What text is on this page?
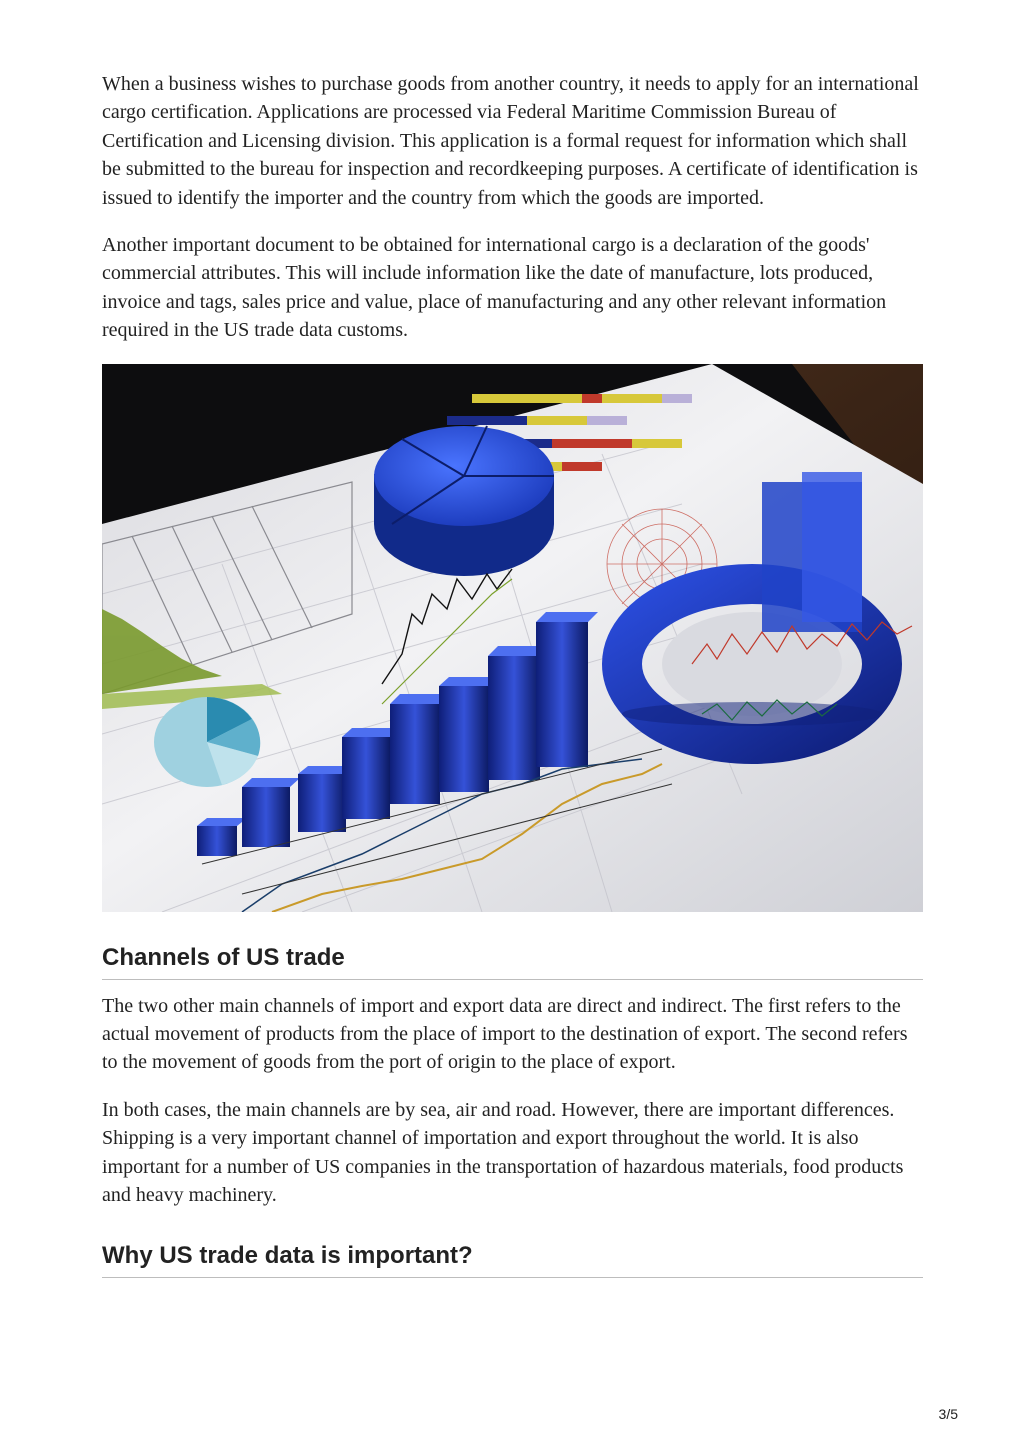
When a business wishes to purchase goods from another country, it needs to apply for an international cargo certification. Applications are processed via Federal Maritime Commission Bureau of Certification and Licensing division. This application is a formal request for information which shall be submitted to the bureau for inspection and recordkeeping purposes. A certificate of identification is issued to identify the importer and the country from which the goods are imported.

Another important document to be obtained for international cargo is a declaration of the goods' commercial attributes. This will include information like the date of manufacture, lots produced, invoice and tags, sales price and value, place of manufacturing and any other relevant information required in the US trade data customs.

Channels of US trade

The two other main channels of import and export data are direct and indirect. The first refers to the actual movement of products from the place of import to the destination of export. The second refers to the movement of goods from the port of origin to the place of export.

In both cases, the main channels are by sea, air and road. However, there are important differences. Shipping is a very important channel of importation and export throughout the world. It is also important for a number of US companies in the transportation of hazardous materials, food products and heavy machinery.

Why US trade data is important?
3/5
